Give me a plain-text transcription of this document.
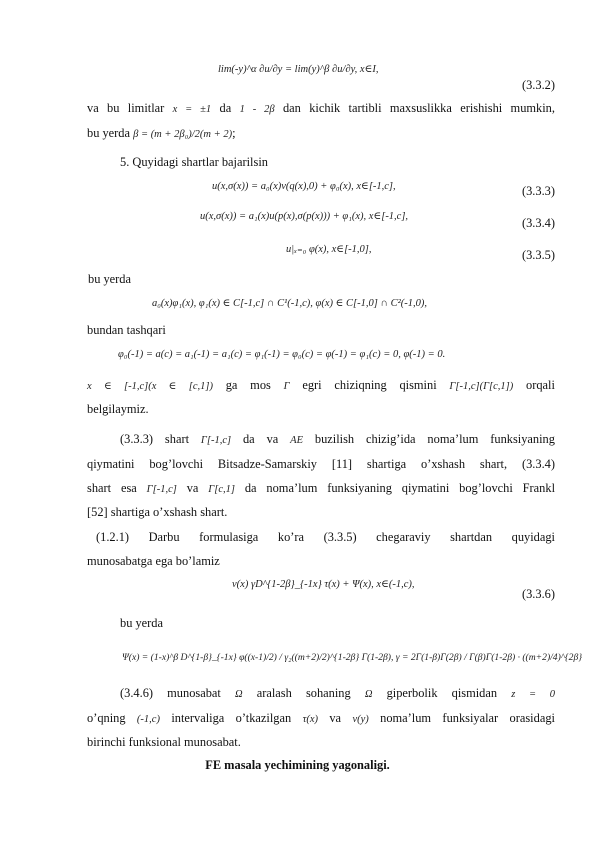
lim(-y)^α ∂u/∂y = lim(y)^β ∂u/∂y, x∈I,
(3.3.2)
va bu limitlar x = ±1 da 1 - 2β dan kichik tartibli maxsuslikka erishishi mumkin,
bu yerda β = (m + 2β₀)/2(m + 2);
5. Quyidagi shartlar bajarilsin
u(x,σ(x)) = a₀(x)v(q(x),0) + φ₀(x), x∈[-1,c],	(3.3.3)
u(x,σ(x)) = a₁(x)u(p(x),σ(p(x))) + φ₁(x), x∈[-1,c],	(3.3.4)
u|ₓ₌₀ φ(x), x∈[-1,0],	(3.3.5)
bu yerda
a₀(x)φ₁(x), φ₁(x) ∈ C[-1,c] ∩ C¹(-1,c), φ(x) ∈ C[-1,0] ∩ C²(-1,0),
bundan tashqari
φ₀(-1) = a(c) = a₁(-1) = a₁(c) = φ₁(-1) = φ₀(c) = φ(-1) = φ₁(c) = 0, φ(-1) = 0.
x ∈ [-1,c](x ∈ [c,1]) ga mos Γ egri chiziqning qismini Γ[-1,c](Γ[c,1]) orqali
belgilaymiz.
(3.3.3) shart Γ[-1,c] da va AE buzilish chizig’ida noma’lum funksiyaning
qiymatini bog’lovchi Bitsadze-Samarskiy [11] shartiga o’xshash shart, (3.3.4)
shart esa Γ[-1,c] va Γ[c,1] da noma’lum funksiyaning qiymatini bog’lovchi Frankl
[52] shartiga o’xshash shart.
(1.2.1) Darbu formulasiga ko’ra (3.3.5) chegaraviy shartdan quyidagi
munosabatga ega bo’lamiz
v(x) γD^{1-2β}_{-1x} τ(x) + Ψ(x), x∈(-1,c),
(3.3.6)
bu yerda
Ψ(x) = (1-x)^β D^{1-β}_{-1x} φ((x-1)/2) / γ₂((m+2)/2)^{1-2β} Γ(1-2β), γ = 2Γ(1-β)Γ(2β) / Γ(β)Γ(1-2β) · ((m+2)/4)^{2β}
(3.4.6) munosabat Ω aralash sohaning Ω giperbolik qismidan z = 0
o’qning (-1,c) intervaliga o’tkazilgan τ(x) va v(y) noma’lum funksiyalar orasidagi
birinchi funksional munosabat.
FE masala yechimining yagonaligi.
